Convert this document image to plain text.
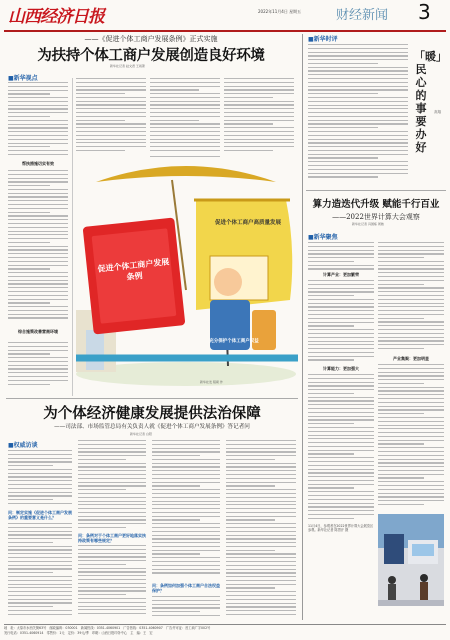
山西经济日报	2022年11月4日 星期五	财经新闻 3
——《促进个体工商户发展条例》正式实施
为扶持个体工商户发展创造良好环境
新华社记者 赵文君 王雨萧
■新华视点
帮扶措施切实有效
综合施策改善营商环境
促进个体工商户发展条例
促进个体工商户高质量发展
充分保护个体工商户权益
新华社发 程硕 作
为个体经济健康发展提供法治保障
——司法部、市场监管总局有关负责人就《促进个体工商户发展条例》答记者问
新华社记者 白阳
■权威访谈
问：制定实施《促进个体工商户发展条例》的重要意义是什么？
问：条例对于个体工商户更好地落实扶持政策有哪些规定？
问：条例如何加强个体工商户合法权益保护？
■新华时评
「暖」民心的事要办好
高翔
算力造迭代升级 赋能千行百业
——2022世界计算大会观察
新华社记者 冯国栋 周勉
■新华聚焦
计算产业：更加繁荣
计算能力：更加强大
产业集聚：更加明显
11月4日，参观者在2022世界计算大会展览区参观。新华社记者 陈思汗 摄
地　址：太原市水西关街63号　邮政编码：030001　新闻热线：0351-4060901　广告热线：0351-4060907　广告许可证：晋工商广字002号
发行电话：0351-4060914　零售价：1元　定价：39元/季　印刷：山西日报印务中心　主　编：王　宏
